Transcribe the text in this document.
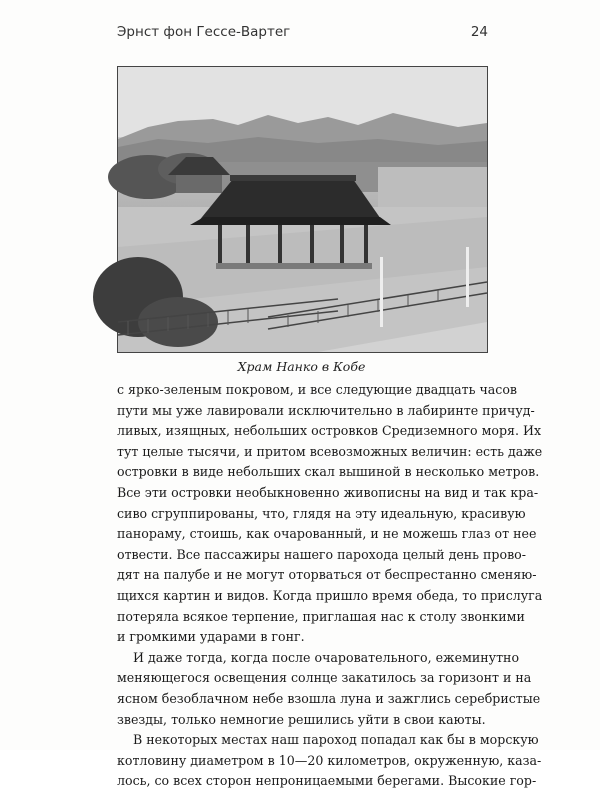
Эрнст фон Гессе-Вартег	24
Храм Нанко в Кобе
с ярко-зеленым покровом, и все следующие двадцать часов
пути мы уже лавировали исключительно в лабиринте причуд-
ливых, изящных, небольших островков Средиземного моря. Их
тут целые тысячи, и притом всевозможных величин: есть даже
островки в виде небольших скал вышиной в несколько метров.
Все эти островки необыкновенно живописны на вид и так кра-
сиво сгруппированы, что, глядя на эту идеальную, красивую
панораму, стоишь, как очарованный, и не можешь глаз от нее
отвести. Все пассажиры нашего парохода целый день прово-
дят на палубе и не могут оторваться от беспрестанно сменяю-
щихся картин и видов. Когда пришло время обеда, то прислуга
потеряла всякое терпение, приглашая нас к столу звонкими
и громкими ударами в гонг.
И даже тогда, когда после очаровательного, ежеминутно
меняющегося освещения солнце закатилось за горизонт и на
ясном безоблачном небе взошла луна и зажглись серебристые
звезды, только немногие решились уйти в свои каюты.
В некоторых местах наш пароход попадал как бы в морскую
котловину диаметром в 10—20 километров, окруженную, каза-
лось, со всех сторон непроницаемыми берегами. Высокие гор-
